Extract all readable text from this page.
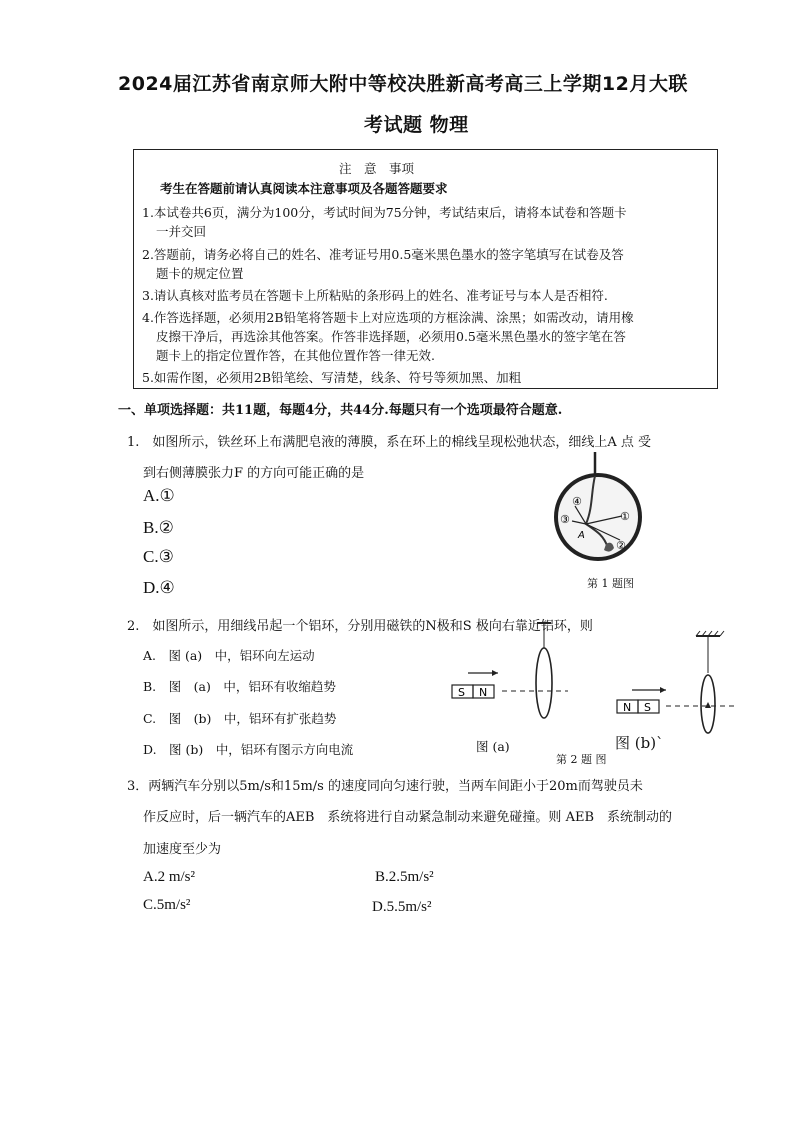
2024届江苏省南京师大附中等校决胜新高考高三上学期12月大联
考试题 物理
注　意　事项
考生在答题前请认真阅读本注意事项及各题答题要求
1.本试卷共6页，满分为100分，考试时间为75分钟，考试结束后，请将本试卷和答题卡
一并交回
2.答题前，请务必将自己的姓名、准考证号用0.5毫米黑色墨水的签字笔填写在试卷及答
题卡的规定位置
3.请认真核对监考员在答题卡上所粘贴的条形码上的姓名、准考证号与本人是否相符.
4.作答选择题，必须用2B铅笔将答题卡上对应选项的方框涂满、涂黑；如需改动，请用橡
皮擦干净后，再选涂其他答案。作答非选择题，必须用0.5毫米黑色墨水的签字笔在答
题卡上的指定位置作答，在其他位置作答一律无效.
5.如需作图，必须用2B铅笔绘、写清楚，线条、符号等须加黑、加粗
一、单项选择题：共11题，每题4分，共44分.每题只有一个选项最符合题意.
1.　如图所示，铁丝环上布满肥皂液的薄膜，系在环上的棉线呈现松弛状态，细线上A 点 受
到右侧薄膜张力F 的方向可能正确的是
A.①
B.②
C.③
D.④
④
③	①
②
A
第 1 题图
2.　如图所示，用细线吊起一个铝环，分别用磁铁的N极和S 极向右靠近铝环，则
A.　图 (a)　中，铝环向左运动
B.　图　(a)　中，铝环有收缩趋势
C.　图　(b)　中，铝环有扩张趋势
D.　图 (b)　中，铝环有图示方向电流
S N
N S
图 (a)
第 2 题 图
图 (b)`
3．两辆汽车分别以5m/s和15m/s 的速度同向匀速行驶，当两车间距小于20m而驾驶员未
作反应时，后一辆汽车的AEB　系统将进行自动紧急制动来避免碰撞。则 AEB　系统制动的
加速度至少为
A.2 m/s²	B.2.5m/s²
C.5m/s²	D.5.5m/s²
